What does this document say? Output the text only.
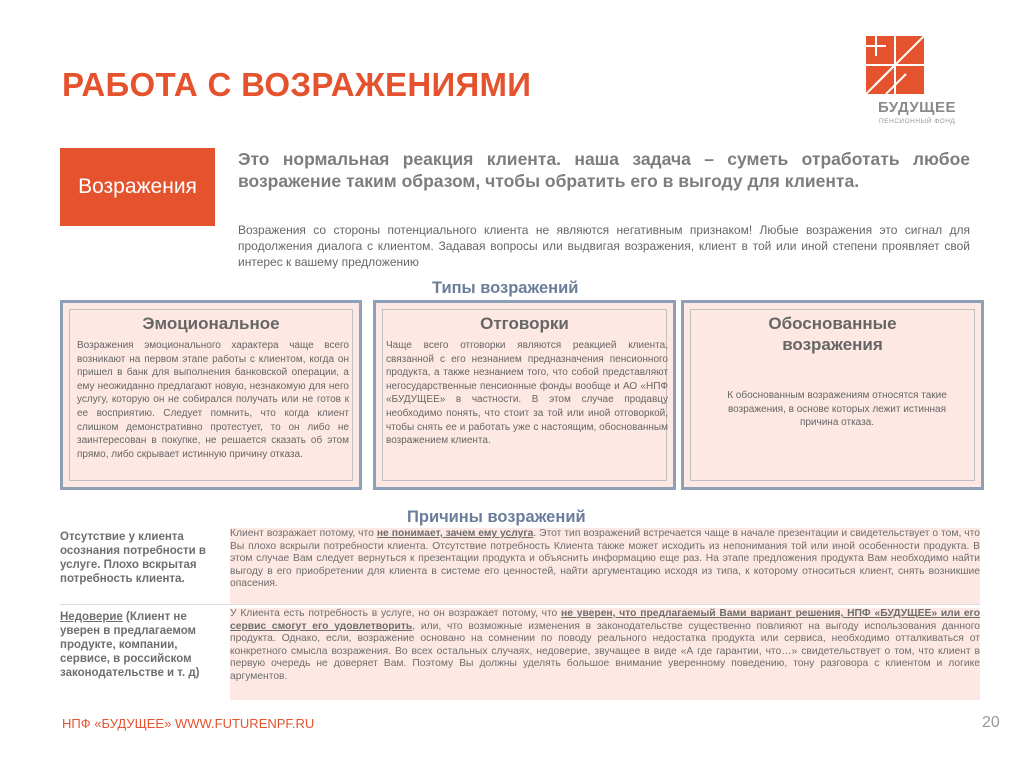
РАБОТА С ВОЗРАЖЕНИЯМИ
БУДУЩЕЕ
ПЕНСИОННЫЙ ФОНД
Возражения
Это нормальная реакция клиента. наша задача – суметь отработать любое возражение таким образом, чтобы обратить его в выгоду для клиента.
Возражения со стороны потенциального клиента не являются негативным признаком! Любые возражения это сигнал для продолжения диалога с клиентом. Задавая вопросы или выдвигая возражения, клиент в той или иной степени проявляет свой интерес к вашему предложению
Типы возражений
Эмоциональное
Возражения эмоционального характера чаще всего возникают на первом этапе работы с клиентом, когда он пришел в банк для выполнения банковской операции, а ему неожиданно предлагают новую, незнакомую для него услугу, которую он не собирался получать или не готов к ее восприятию. Следует помнить, что когда клиент слишком демонстративно протестует, то он либо не заинтересован в покупке, не решается сказать об этом прямо, либо скрывает истинную причину отказа.
Отговорки
Чаще всего отговорки являются реакцией клиента, связанной с его незнанием предназначения пенсионного продукта, а также незнанием того, что собой представляют негосударственные пенсионные фонды вообще и АО «НПФ «БУДУЩЕЕ» в частности. В этом случае продавцу необходимо понять, что стоит за той или иной отговоркой, чтобы снять ее и работать уже с настоящим, обоснованным возражением клиента.
Обоснованные возражения
К обоснованным возражениям относятся такие возражения, в основе которых лежит истинная причина отказа.
Причины возражений
Отсутствие у клиента осознания потребности в услуге. Плохо вскрытая потребность клиента.
Клиент возражает потому, что не понимает, зачем ему услуга. Этот тип возражений встречается чаще в начале презентации и свидетельствует о том, что Вы плохо вскрыли потребности клиента. Отсутствие потребность Клиента также может исходить из непонимания той или иной особенности продукта. В этом случае Вам следует вернуться к презентации продукта и объяснить информацию еще раз. На этапе предложения продукта Вам необходимо найти выгоду в его приобретении для клиента в системе его ценностей, найти аргументацию исходя из типа, к которому относиться клиент, снять возникшие опасения.
Недоверие (Клиент не уверен в предлагаемом продукте, компании, сервисе, в российском законодательстве и т. д)
У Клиента есть потребность в услуге, но он возражает потому, что не уверен, что предлагаемый Вами вариант решения, НПФ «БУДУЩЕЕ» или его сервис смогут его удовлетворить, или, что возможные изменения в законодательстве существенно повлияют на выгоду использования данного продукта. Однако, если, возражение основано на сомнении по поводу реального недостатка продукта или сервиса, необходимо отталкиваться от конкретного смысла возражения. Во всех остальных случаях, недоверие, звучащее в виде «А где гарантии, что…» свидетельствует о том, что клиент в первую очередь не доверяет Вам. Поэтому Вы должны уделять большое внимание уверенному поведению, тону разговора с клиентом и логике аргументов.
НПФ «БУДУЩЕЕ» WWW.FUTURENPF.RU	20
